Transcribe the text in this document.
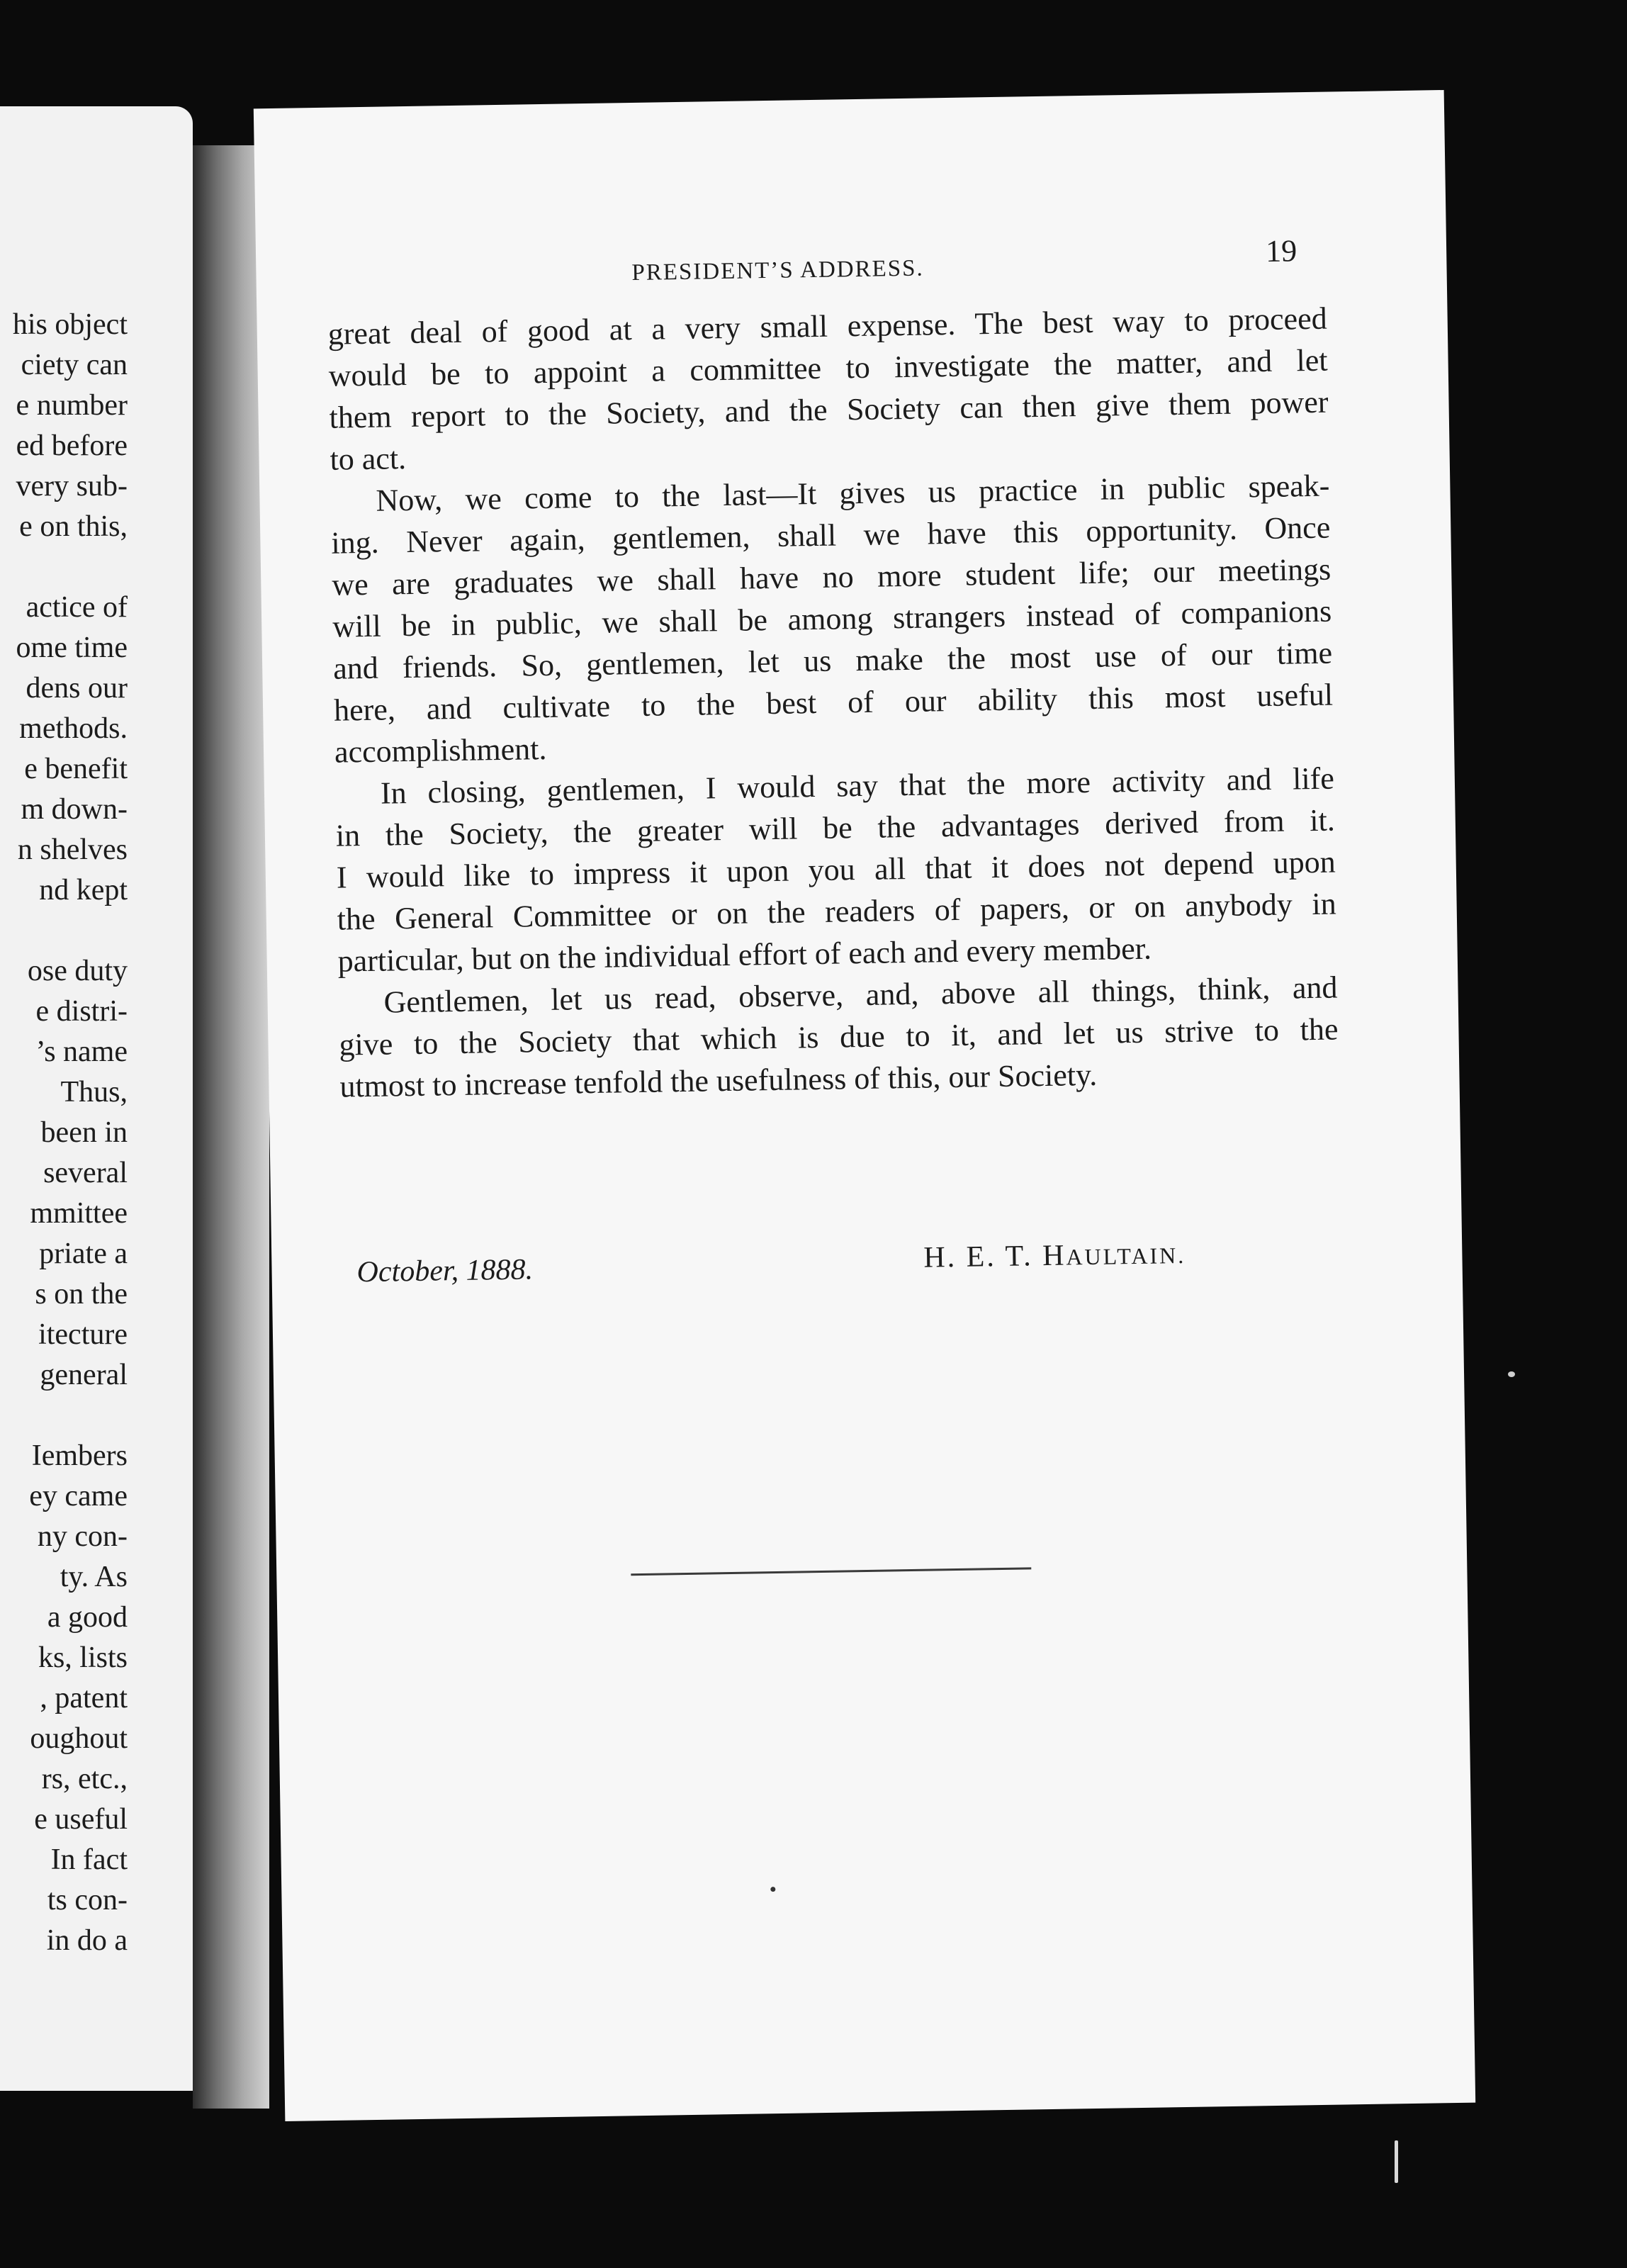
his object
ciety can
e number
ed before
very sub-
e on this,
actice of
ome time
dens our
methods.
e benefit
m down-
n shelves
nd kept
ose duty
e distri-
’s name
Thus,
been in
several
mmittee
priate a
s on the
itecture
general
Iembers
ey came
ny con-
ty. As
a good
ks, lists
, patent
oughout
rs, etc.,
e useful
In fact
ts con-
in do a
PRESIDENT’S ADDRESS.
19
great deal of good at a very small expense. The best way to proceed
would be to appoint a committee to investigate the matter, and let
them report to the Society, and the Society can then give them power
to act.
Now, we come to the last—It gives us practice in public speak-
ing. Never again, gentlemen, shall we have this opportunity. Once
we are graduates we shall have no more student life; our meetings
will be in public, we shall be among strangers instead of companions
and friends. So, gentlemen, let us make the most use of our time
here, and cultivate to the best of our ability this most useful
accomplishment.
In closing, gentlemen, I would say that the more activity and life
in the Society, the greater will be the advantages derived from it.
I would like to impress it upon you all that it does not depend upon
the General Committee or on the readers of papers, or on anybody in
particular, but on the individual effort of each and every member.
Gentlemen, let us read, observe, and, above all things, think, and
give to the Society that which is due to it, and let us strive to the
utmost to increase tenfold the usefulness of this, our Society.
October, 1888.	H. E. T. HAULTAIN.
